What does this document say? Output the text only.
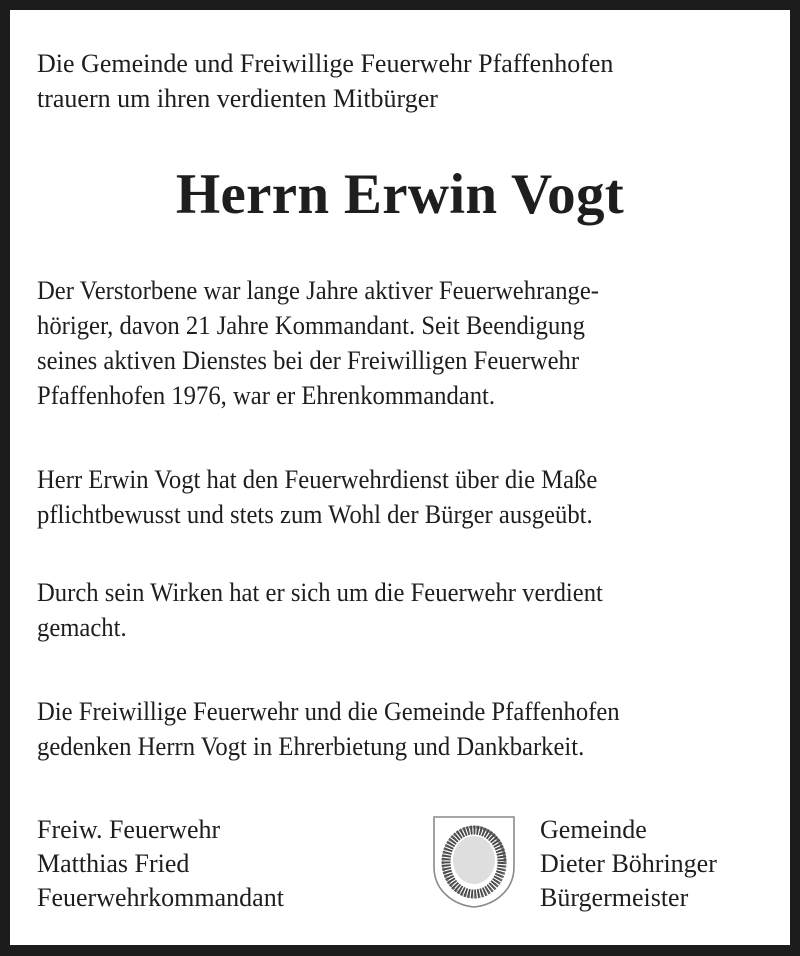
Die Gemeinde und Freiwillige Feuerwehr Pfaffenhofen
trauern um ihren verdienten Mitbürger
Herrn Erwin Vogt
Der Verstorbene war lange Jahre aktiver Feuerwehrange-
höriger, davon 21 Jahre Kommandant. Seit Beendigung
seines aktiven Dienstes bei der Freiwilligen Feuerwehr
Pfaffenhofen 1976, war er Ehrenkommandant.
Herr Erwin Vogt hat den Feuerwehrdienst über die Maße
pflichtbewusst und stets zum Wohl der Bürger ausgeübt.
Durch sein Wirken hat er sich um die Feuerwehr verdient
gemacht.
Die Freiwillige Feuerwehr und die Gemeinde Pfaffenhofen
gedenken Herrn Vogt in Ehrerbietung und Dankbarkeit.
Freiw. Feuerwehr
Matthias Fried
Feuerwehrkommandant
Gemeinde
Dieter Böhringer
Bürgermeister
